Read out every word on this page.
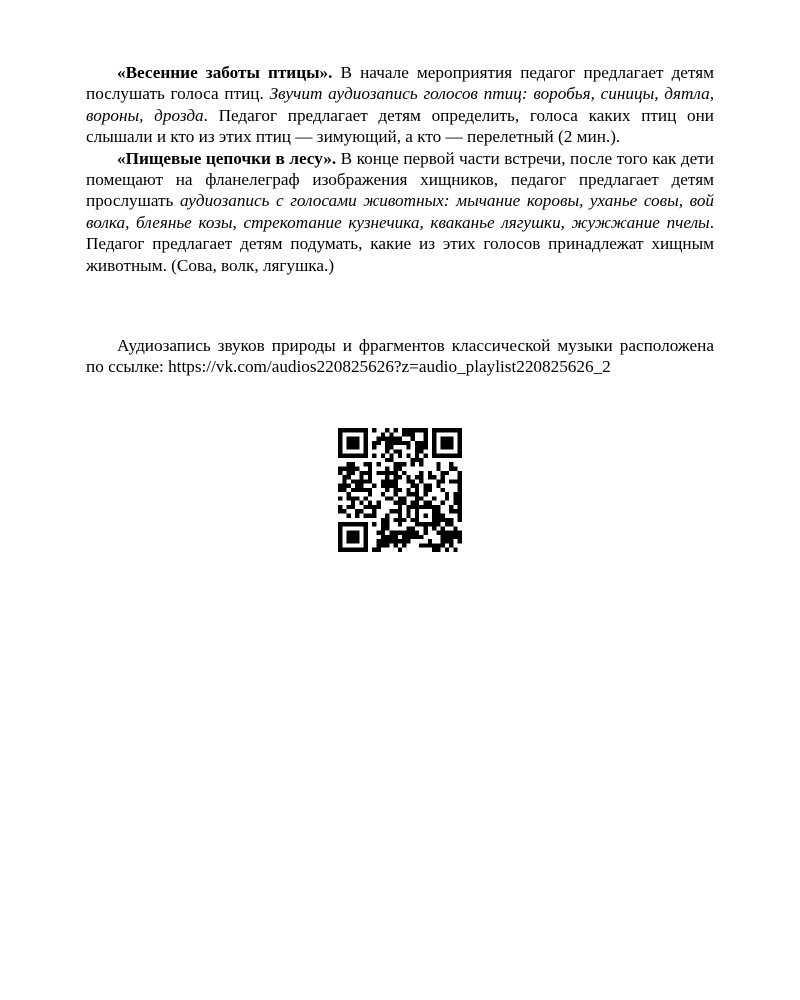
«Весенние заботы птицы». В начале мероприятия педагог предлагает детям послушать голоса птиц. Звучит аудиозапись голосов птиц: воробья, синицы, дятла, вороны, дрозда. Педагог предлагает детям определить, голоса каких птиц они слышали и кто из этих птиц — зимующий, а кто — перелетный (2 мин.).

«Пищевые цепочки в лесу». В конце первой части встречи, после того как дети помещают на фланелеграф изображения хищников, педагог предлагает детям прослушать аудиозапись с голосами животных: мычание коровы, уханье совы, вой волка, блеянье козы, стрекотание кузнечика, кваканье лягушки, жужжание пчелы. Педагог предлагает детям подумать, какие из этих голосов принадлежат хищным животным. (Сова, волк, лягушка.)

Аудиозапись звуков природы и фрагментов классической музыки расположена по ссылке: https://vk.com/audios220825626?z=audio_playlist220825626_2
